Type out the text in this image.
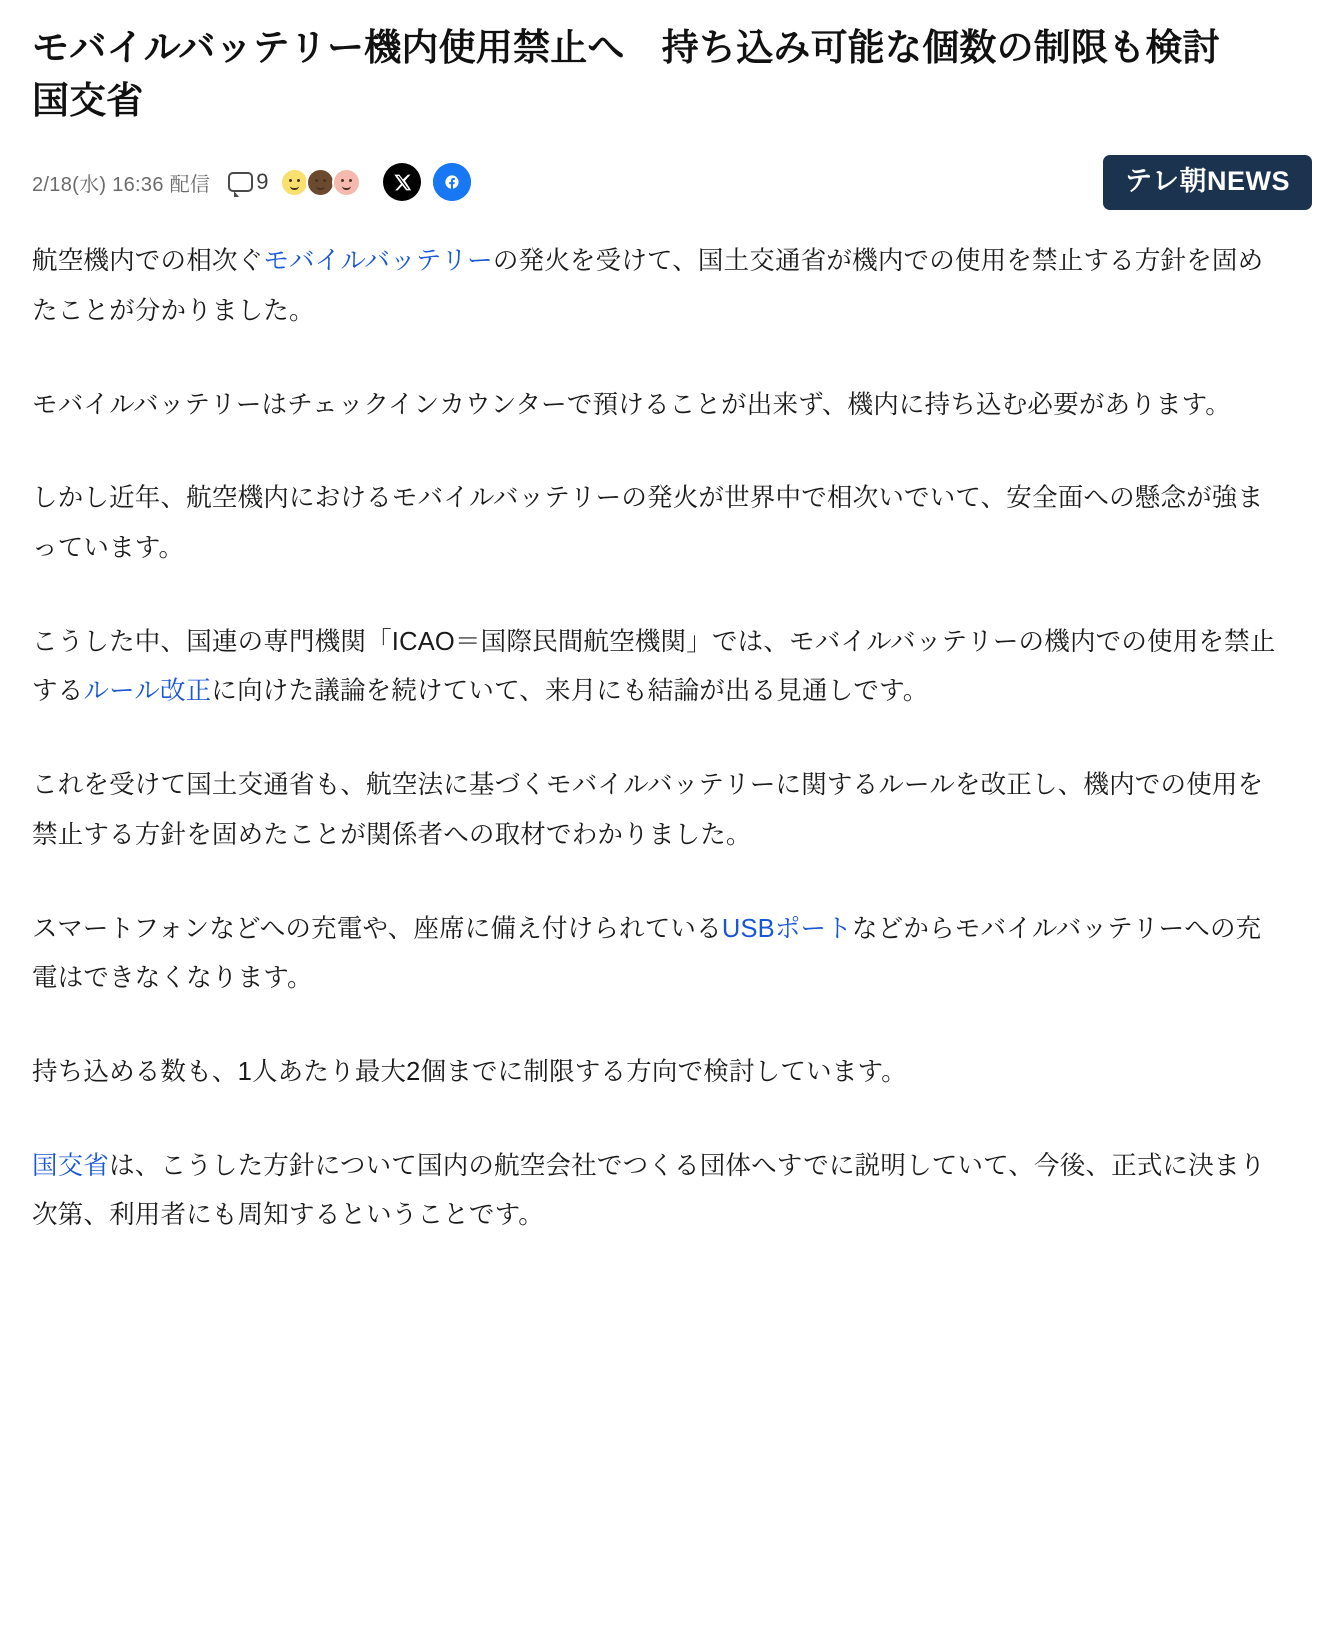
モバイルバッテリー機内使用禁止へ　持ち込み可能な個数の制限も検討　国交省
2/18(水) 16:36 配信 9	テレ朝NEWS

航空機内での相次ぐモバイルバッテリーの発火を受けて、国土交通省が機内での使用を禁止する方針を固めたことが分かりました。

モバイルバッテリーはチェックインカウンターで預けることが出来ず、機内に持ち込む必要があります。

しかし近年、航空機内におけるモバイルバッテリーの発火が世界中で相次いでいて、安全面への懸念が強まっています。

こうした中、国連の専門機関「ICAO＝国際民間航空機関」では、モバイルバッテリーの機内での使用を禁止するルール改正に向けた議論を続けていて、来月にも結論が出る見通しです。

これを受けて国土交通省も、航空法に基づくモバイルバッテリーに関するルールを改正し、機内での使用を禁止する方針を固めたことが関係者への取材でわかりました。

スマートフォンなどへの充電や、座席に備え付けられているUSBポートなどからモバイルバッテリーへの充電はできなくなります。

持ち込める数も、1人あたり最大2個までに制限する方向で検討しています。

国交省は、こうした方針について国内の航空会社でつくる団体へすでに説明していて、今後、正式に決まり次第、利用者にも周知するということです。
